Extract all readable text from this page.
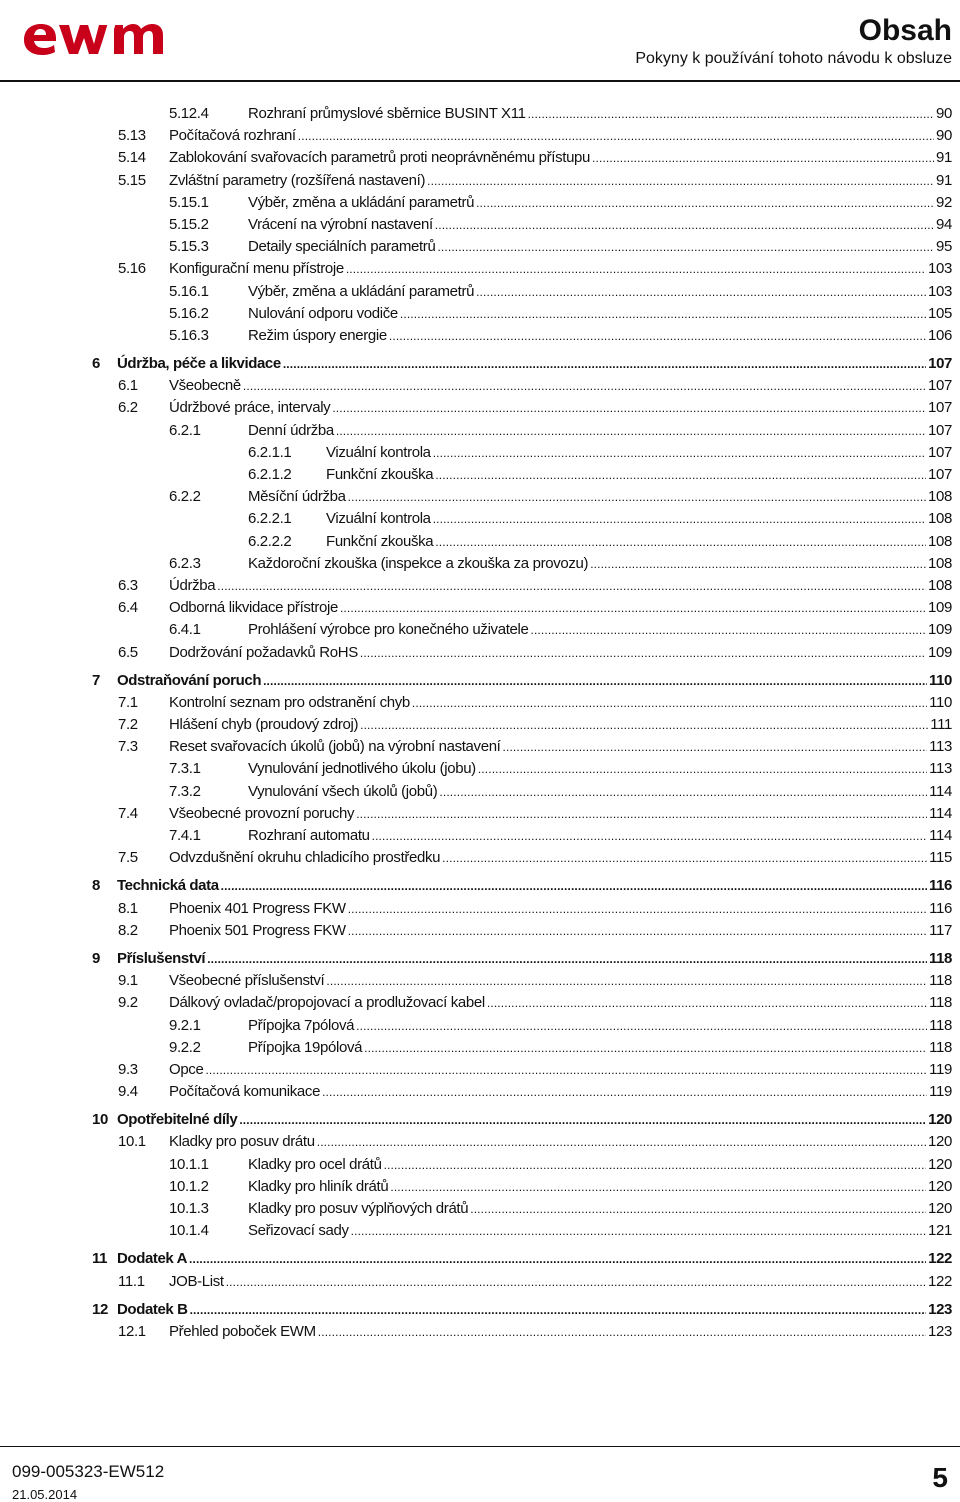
Obsah
Pokyny k používání tohoto návodu k obsluze
5.12.4	Rozhraní průmyslové sběrnice BUSINT X11 . . .	90
5.13 Počítačová rozhraní . . .	90
5.14 Zablokování svařovacích parametrů proti neoprávněnému přístupu . . .	91
5.15 Zvláštní parametry (rozšířená nastavení) . . .	91
5.15.1	Výběr, změna a ukládání parametrů . . .	92
5.15.2	Vrácení na výrobní nastavení . . .	94
5.15.3	Detaily speciálních parametrů . . .	95
5.16 Konfigurační menu přístroje . . .	103
5.16.1	Výběr, změna a ukládání parametrů . . .	103
5.16.2	Nulování odporu vodiče . . .	105
5.16.3	Režim úspory energie . . .	106
6 Údržba, péče a likvidace . . .	107
6.1 Všeobecně . . .	107
6.2 Údržbové práce, intervaly . . .	107
6.2.1	Denní údržba . . .	107
6.2.1.1 Vizuální kontrola . . .	107
6.2.1.2 Funkční zkouška . . .	107
6.2.2	Měsíční údržba . . .	108
6.2.2.1 Vizuální kontrola . . .	108
6.2.2.2 Funkční zkouška . . .	108
6.2.3	Každoroční zkouška (inspekce a zkouška za provozu) . . .	108
6.3 Údržba . . .	108
6.4 Odborná likvidace přístroje . . .	109
6.4.1	Prohlášení výrobce pro konečného uživatele . . .	109
6.5 Dodržování požadavků RoHS . . .	109
7 Odstraňování poruch . . .	110
7.1 Kontrolní seznam pro odstranění chyb . . .	110
7.2 Hlášení chyb (proudový zdroj) . . .	111
7.3 Reset svařovacích úkolů (jobů) na výrobní nastavení . . .	113
7.3.1	Vynulování jednotlivého úkolu (jobu) . . .	113
7.3.2	Vynulování všech úkolů (jobů) . . .	114
7.4 Všeobecné provozní poruchy . . .	114
7.4.1	Rozhraní automatu . . .	114
7.5 Odvzdušnění okruhu chladicího prostředku . . .	115
8 Technická data . . .	116
8.1 Phoenix 401 Progress FKW . . .	116
8.2 Phoenix 501 Progress FKW . . .	117
9 Příslušenství . . .	118
9.1 Všeobecné příslušenství . . .	118
9.2 Dálkový ovladač/propojovací a prodlužovací kabel . . .	118
9.2.1	Přípojka 7pólová . . .	118
9.2.2	Přípojka 19pólová . . .	118
9.3 Opce . . .	119
9.4 Počítačová komunikace . . .	119
10 Opotřebitelné díly . . .	120
10.1 Kladky pro posuv drátu . . .	120
10.1.1	Kladky pro ocel drátů . . .	120
10.1.2	Kladky pro hliník drátů . . .	120
10.1.3	Kladky pro posuv výplňových drátů . . .	120
10.1.4	Seřizovací sady . . .	121
11 Dodatek A . . .	122
11.1 JOB-List . . .	122
12 Dodatek B . . .	123
12.1 Přehled poboček EWM . . .	123
099-005323-EW512
21.05.2014
5
